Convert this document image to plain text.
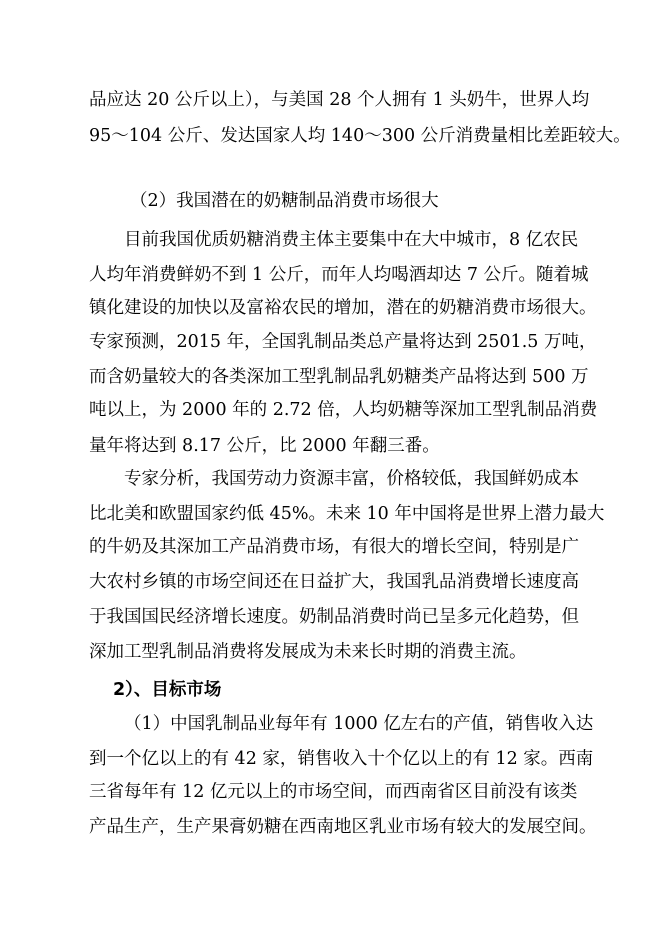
品应达 20 公斤以上），与美国 28 个人拥有 1 头奶牛，世界人均
95～104 公斤、发达国家人均 140～300 公斤消费量相比差距较大。
（2）我国潜在的奶糖制品消费市场很大
目前我国优质奶糖消费主体主要集中在大中城市，8 亿农民
人均年消费鲜奶不到 1 公斤，而年人均喝酒却达 7 公斤。随着城
镇化建设的加快以及富裕农民的增加，潜在的奶糖消费市场很大。
专家预测，2015 年，全国乳制品类总产量将达到 2501.5 万吨，
而含奶量较大的各类深加工型乳制品乳奶糖类产品将达到 500 万
吨以上，为 2000 年的 2.72 倍，人均奶糖等深加工型乳制品消费
量年将达到 8.17 公斤，比 2000 年翻三番。
专家分析，我国劳动力资源丰富，价格较低，我国鲜奶成本
比北美和欧盟国家约低 45%。未来 10 年中国将是世界上潜力最大
的牛奶及其深加工产品消费市场，有很大的增长空间，特别是广
大农村乡镇的市场空间还在日益扩大，我国乳品消费增长速度高
于我国国民经济增长速度。奶制品消费时尚已呈多元化趋势，但
深加工型乳制品消费将发展成为未来长时期的消费主流。
2）、目标市场
（1）中国乳制品业每年有 1000 亿左右的产值，销售收入达
到一个亿以上的有 42 家，销售收入十个亿以上的有 12 家。西南
三省每年有 12 亿元以上的市场空间，而西南省区目前没有该类
产品生产，生产果膏奶糖在西南地区乳业市场有较大的发展空间。
